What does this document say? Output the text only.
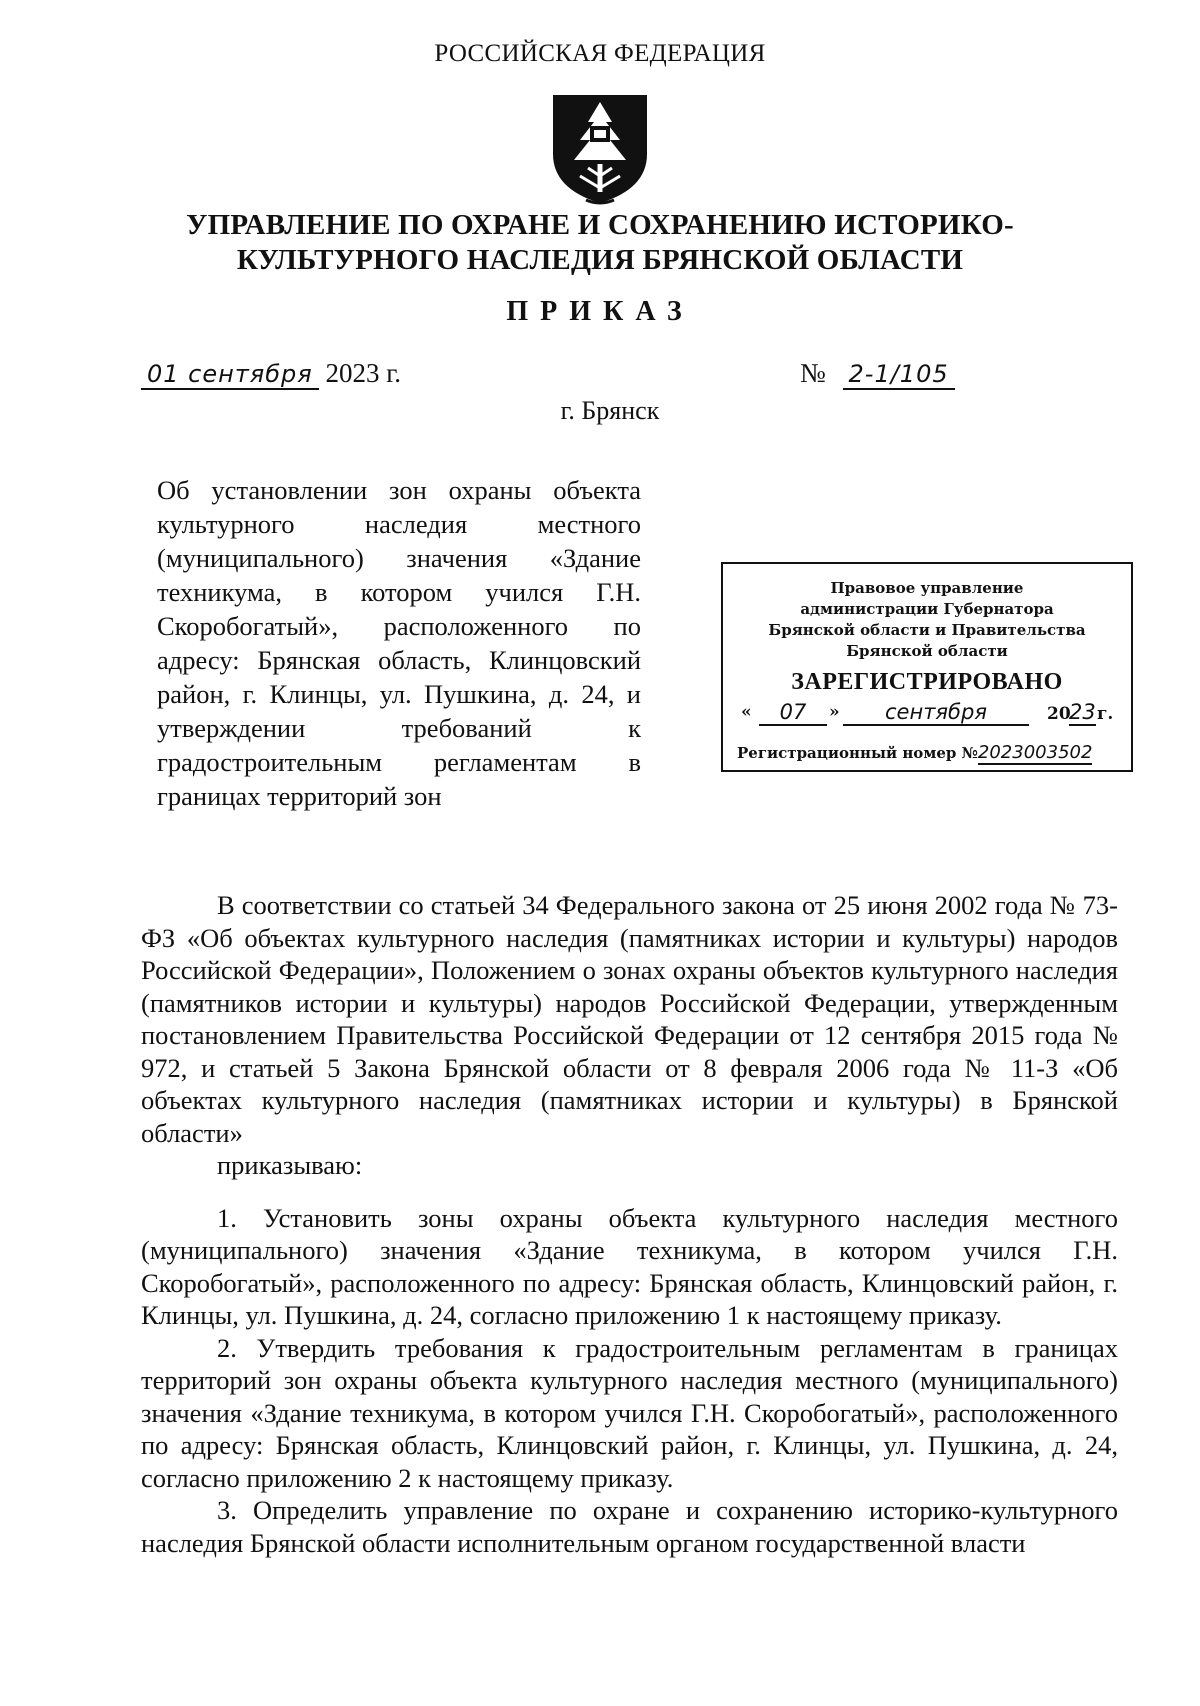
РОССИЙСКАЯ ФЕДЕРАЦИЯ
УПРАВЛЕНИЕ ПО ОХРАНЕ И СОХРАНЕНИЮ ИСТОРИКО-
КУЛЬТУРНОГО НАСЛЕДИЯ БРЯНСКОЙ ОБЛАСТИ
ПРИКАЗ
01 сентября 2023 г.	№ 2-1/105
г. Брянск
Об установлении зон охраны объекта культурного наследия местного (муниципального) значения «Здание техникума, в котором учился Г.Н. Скоробогатый», расположенного по адресу: Брянская область, Клинцовский район, г. Клинцы, ул. Пушкина, д. 24, и утверждении требований к градостроительным регламентам в границах территорий зон
Правовое управление
администрации Губернатора
Брянской области и Правительства
Брянской области
ЗАРЕГИСТРИРОВАНО
«	07	»	сентября	20
23 г.
Регистрационный номер №2023003502

В соответствии со статьей 34 Федерального закона от 25 июня 2002 года № 73-ФЗ «Об объектах культурного наследия (памятниках истории и культуры) народов Российской Федерации», Положением о зонах охраны объектов культурного наследия (памятников истории и культуры) народов Российской Федерации, утвержденным постановлением Правительства Российской Федерации от 12 сентября 2015 года № 972, и статьей 5 Закона Брянской области от 8 февраля 2006 года № 11-З «Об объектах культурного наследия (памятниках истории и культуры) в Брянской области»

приказываю:

1. Установить зоны охраны объекта культурного наследия местного (муниципального) значения «Здание техникума, в котором учился Г.Н. Скоробогатый», расположенного по адресу: Брянская область, Клинцовский район, г. Клинцы, ул. Пушкина, д. 24, согласно приложению 1 к настоящему приказу.

2. Утвердить требования к градостроительным регламентам в границах территорий зон охраны объекта культурного наследия местного (муниципального) значения «Здание техникума, в котором учился Г.Н. Скоробогатый», расположенного по адресу: Брянская область, Клинцовский район, г. Клинцы, ул. Пушкина, д. 24, согласно приложению 2 к настоящему приказу.

3. Определить управление по охране и сохранению историко-культурного наследия Брянской области исполнительным органом государственной власти
